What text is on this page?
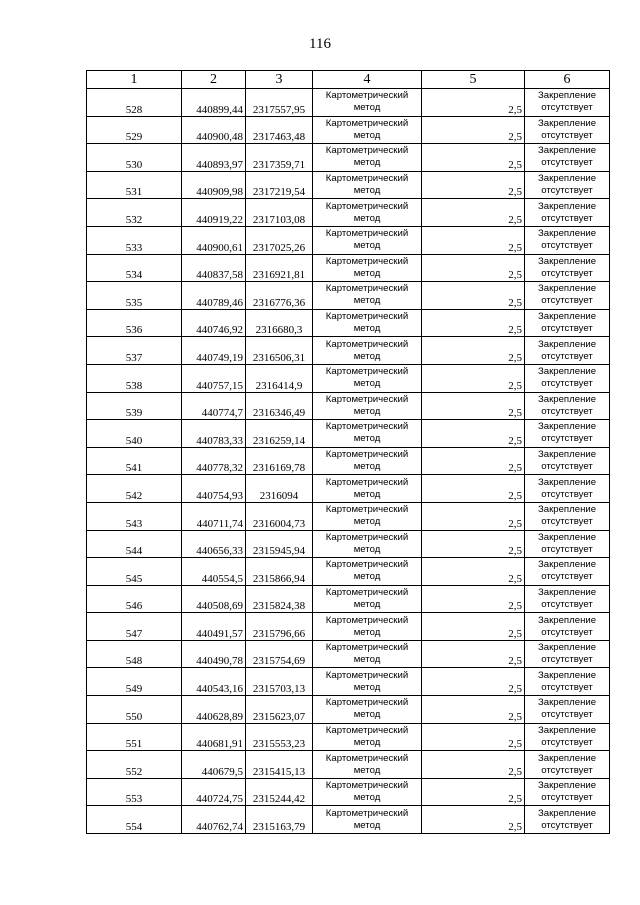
116
1	2	3	4	5	6
528	440899,44	2317557,95	Картометрический метод	2,5	Закрепление отсутствует
529	440900,48	2317463,48	Картометрический метод	2,5	Закрепление отсутствует
530	440893,97	2317359,71	Картометрический метод	2,5	Закрепление отсутствует
531	440909,98	2317219,54	Картометрический метод	2,5	Закрепление отсутствует
532	440919,22	2317103,08	Картометрический метод	2,5	Закрепление отсутствует
533	440900,61	2317025,26	Картометрический метод	2,5	Закрепление отсутствует
534	440837,58	2316921,81	Картометрический метод	2,5	Закрепление отсутствует
535	440789,46	2316776,36	Картометрический метод	2,5	Закрепление отсутствует
536	440746,92	2316680,3	Картометрический метод	2,5	Закрепление отсутствует
537	440749,19	2316506,31	Картометрический метод	2,5	Закрепление отсутствует
538	440757,15	2316414,9	Картометрический метод	2,5	Закрепление отсутствует
539	440774,7	2316346,49	Картометрический метод	2,5	Закрепление отсутствует
540	440783,33	2316259,14	Картометрический метод	2,5	Закрепление отсутствует
541	440778,32	2316169,78	Картометрический метод	2,5	Закрепление отсутствует
542	440754,93	2316094	Картометрический метод	2,5	Закрепление отсутствует
543	440711,74	2316004,73	Картометрический метод	2,5	Закрепление отсутствует
544	440656,33	2315945,94	Картометрический метод	2,5	Закрепление отсутствует
545	440554,5	2315866,94	Картометрический метод	2,5	Закрепление отсутствует
546	440508,69	2315824,38	Картометрический метод	2,5	Закрепление отсутствует
547	440491,57	2315796,66	Картометрический метод	2,5	Закрепление отсутствует
548	440490,78	2315754,69	Картометрический метод	2,5	Закрепление отсутствует
549	440543,16	2315703,13	Картометрический метод	2,5	Закрепление отсутствует
550	440628,89	2315623,07	Картометрический метод	2,5	Закрепление отсутствует
551	440681,91	2315553,23	Картометрический метод	2,5	Закрепление отсутствует
552	440679,5	2315415,13	Картометрический метод	2,5	Закрепление отсутствует
553	440724,75	2315244,42	Картометрический метод	2,5	Закрепление отсутствует
554	440762,74	2315163,79	Картометрический метод	2,5	Закрепление отсутствует
